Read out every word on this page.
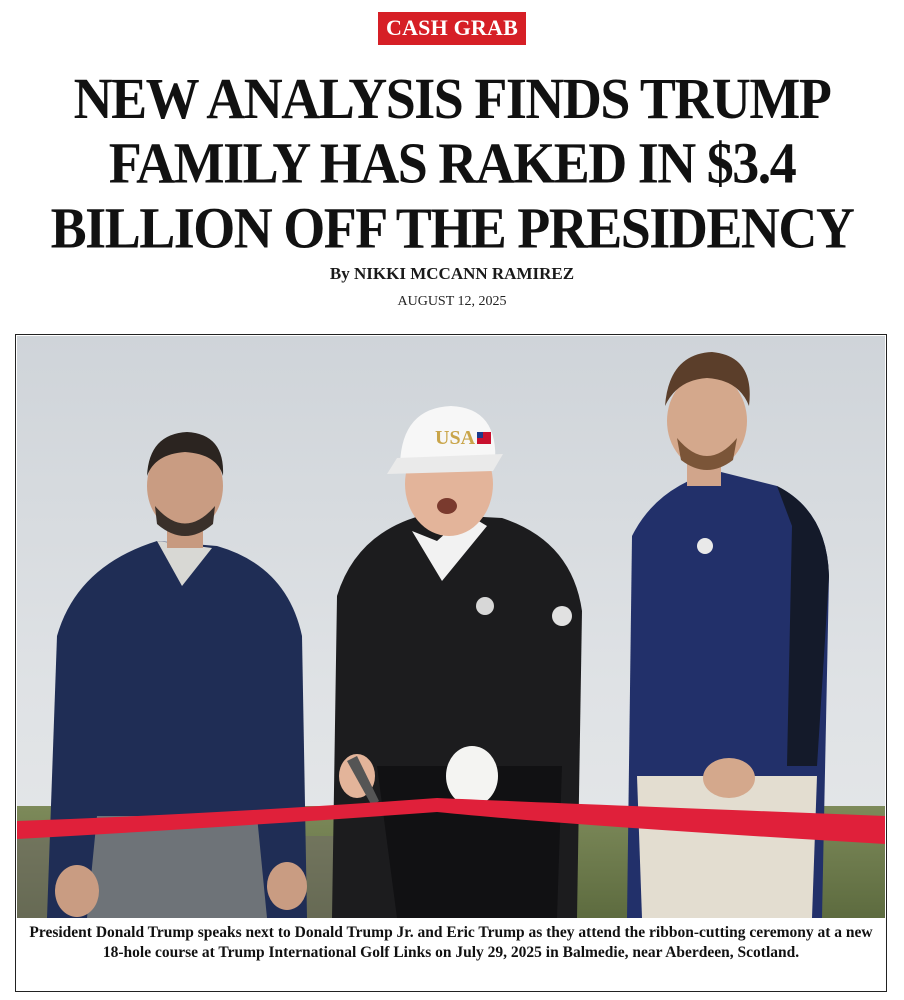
CASH GRAB
NEW ANALYSIS FINDS TRUMP FAMILY HAS RAKED IN $3.4 BILLION OFF THE PRESIDENCY
By NIKKI MCCANN RAMIREZ
AUGUST 12, 2025
USA
President Donald Trump speaks next to Donald Trump Jr. and Eric Trump as they attend the ribbon-cutting ceremony at a new 18-hole course at Trump International Golf Links on July 29, 2025 in Balmedie, near Aberdeen, Scotland.
